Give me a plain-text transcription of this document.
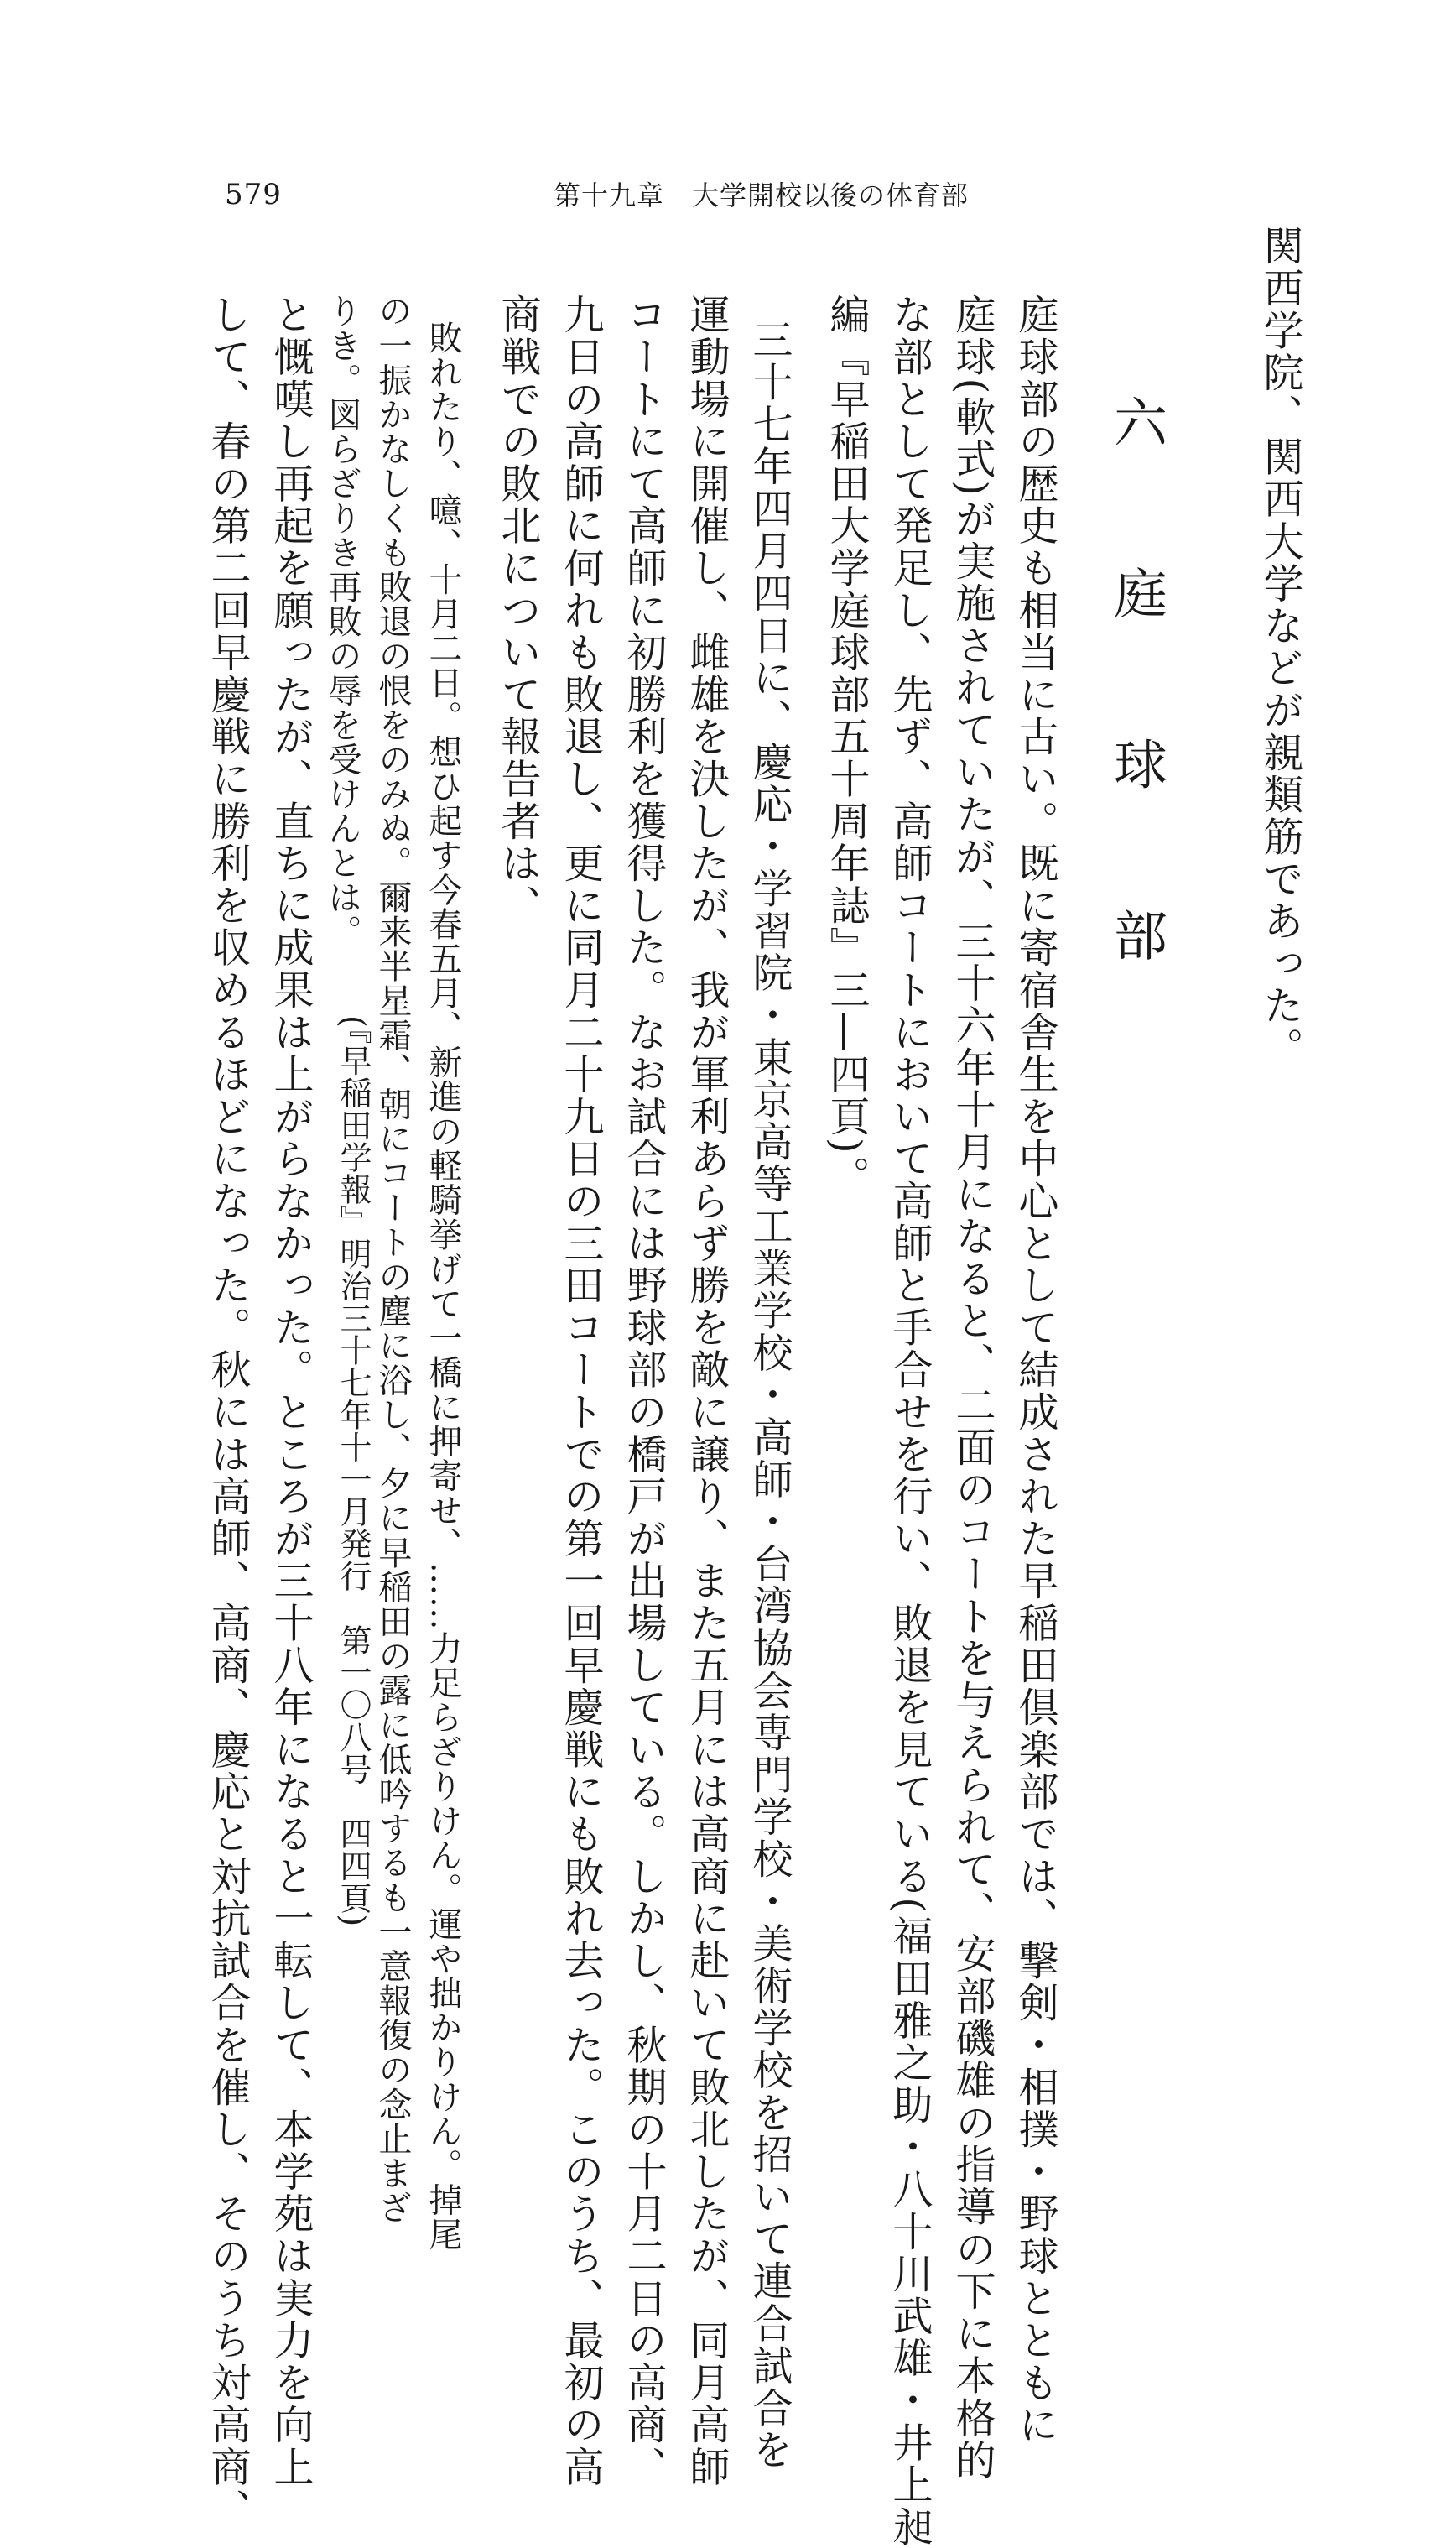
579	第十九章　大学開校以後の体育部
六　庭　球　部 関西学院、関西大学などが親類筋であった。
庭球部の歴史も相当に古い。既に寄宿舎生を中心として結成された早稲田倶楽部では、撃剣・相撲・野球とともに
庭球(軟式)が実施されていたが、三十六年十月になると、二面のコートを与えられて、安部磯雄の指導の下に本格的
な部として発足し、先ず、高師コートにおいて高師と手合せを行い、敗退を見ている(福田雅之助・八十川武雄・井上昶
編『早稲田大学庭球部五十周年誌』三—四頁)。
三十七年四月四日に、慶応・学習院・東京高等工業学校・高師・台湾協会専門学校・美術学校を招いて連合試合を
運動場に開催し、雌雄を決したが、我が軍利あらず勝を敵に譲り、また五月には高商に赴いて敗北したが、同月高師
コートにて高師に初勝利を獲得した。なお試合には野球部の橋戸が出場している。しかし、秋期の十月二日の高商、
九日の高師に何れも敗退し、更に同月二十九日の三田コートでの第一回早慶戦にも敗れ去った。このうち、最初の高
商戦での敗北について報告者は、
敗れたり、噫、十月二日。想ひ起す今春五月、新進の軽騎挙げて一橋に押寄せ、……力足らざりけん。運や拙かりけん。掉尾
の一振かなしくも敗退の恨をのみぬ。爾来半星霜、朝にコートの塵に浴し、夕に早稲田の露に低吟するも一意報復の念止まざ
りき。図らざりき再敗の辱を受けんとは。
(『早稲田学報』明治三十七年十一月発行　第一〇八号　四四頁)
と慨嘆し再起を願ったが、直ちに成果は上がらなかった。ところが三十八年になると一転して、本学苑は実力を向上
して、春の第二回早慶戦に勝利を収めるほどになった。秋には高師、高商、慶応と対抗試合を催し、そのうち対高商、
